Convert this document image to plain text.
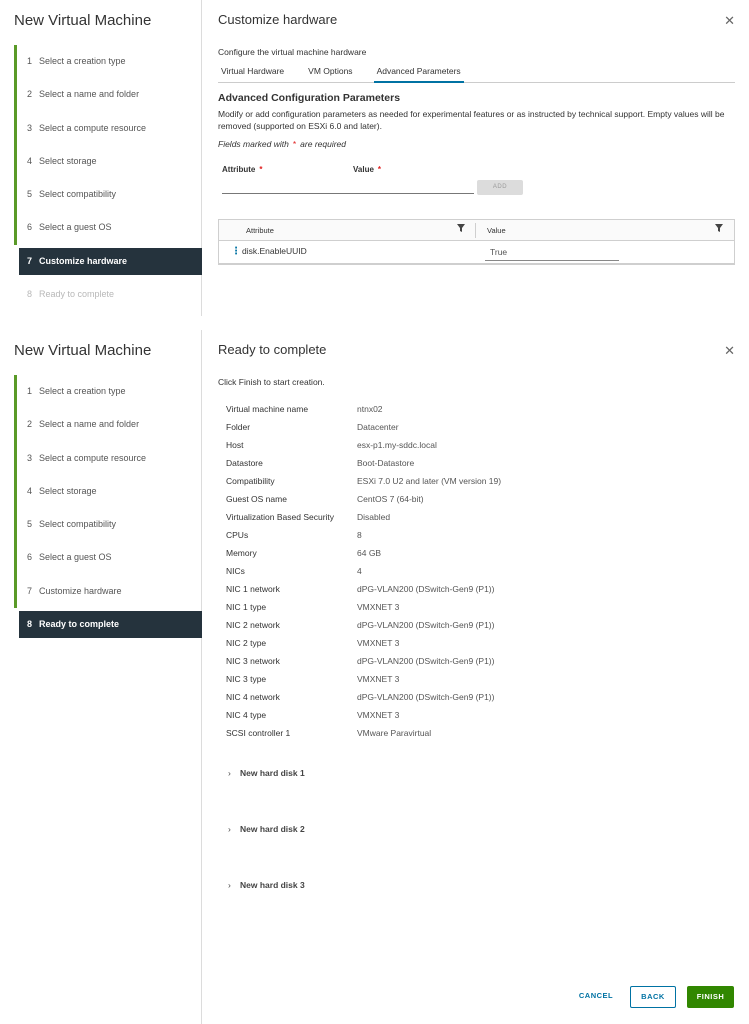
New Virtual Machine
1 Select a creation type
2 Select a name and folder
3 Select a compute resource
4 Select storage
5 Select compatibility
6 Select a guest OS
7 Customize hardware
8 Ready to complete
Customize hardware	✕
Configure the virtual machine hardware
Virtual Hardware	VM Options	Advanced Parameters
Advanced Configuration Parameters
Modify or add configuration parameters as needed for experimental features or as instructed by technical support. Empty values will be removed (supported on ESXi 6.0 and later).
Fields marked with * are required
Attribute *	Value *
ADD
Attribute	Value
⋮ disk.EnableUUID	True
New Virtual Machine
1 Select a creation type
2 Select a name and folder
3 Select a compute resource
4 Select storage
5 Select compatibility
6 Select a guest OS
7 Customize hardware
8 Ready to complete
Ready to complete	✕
Click Finish to start creation.
Virtual machine name	ntnx02
Folder	Datacenter
Host	esx-p1.my-sddc.local
Datastore	Boot-Datastore
Compatibility	ESXi 7.0 U2 and later (VM version 19)
Guest OS name	CentOS 7 (64-bit)
Virtualization Based Security	Disabled
CPUs	8
Memory	64 GB
NICs	4
NIC 1 network	dPG-VLAN200 (DSwitch-Gen9 (P1))
NIC 1 type	VMXNET 3
NIC 2 network	dPG-VLAN200 (DSwitch-Gen9 (P1))
NIC 2 type	VMXNET 3
NIC 3 network	dPG-VLAN200 (DSwitch-Gen9 (P1))
NIC 3 type	VMXNET 3
NIC 4 network	dPG-VLAN200 (DSwitch-Gen9 (P1))
NIC 4 type	VMXNET 3
SCSI controller 1	VMware Paravirtual
› New hard disk 1
› New hard disk 2
› New hard disk 3
CANCEL	BACK	FINISH
